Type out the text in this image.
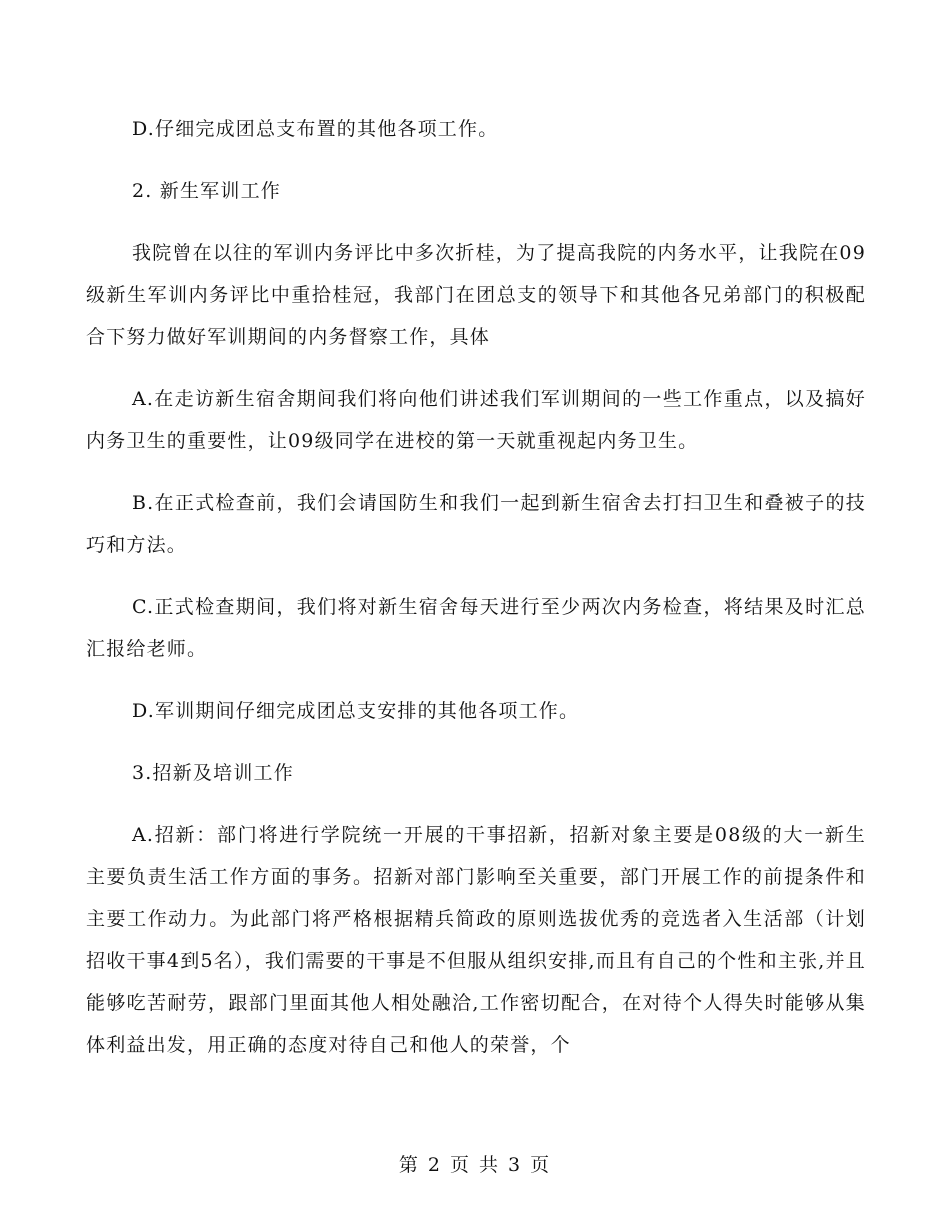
D.仔细完成团总支布置的其他各项工作。

2. 新生军训工作

我院曾在以往的军训内务评比中多次折桂，为了提高我院的内务水平，让我院在09级新生军训内务评比中重拾桂冠，我部门在团总支的领导下和其他各兄弟部门的积极配合下努力做好军训期间的内务督察工作，具体

A.在走访新生宿舍期间我们将向他们讲述我们军训期间的一些工作重点，以及搞好内务卫生的重要性，让09级同学在进校的第一天就重视起内务卫生。

B.在正式检查前，我们会请国防生和我们一起到新生宿舍去打扫卫生和叠被子的技巧和方法。

C.正式检查期间，我们将对新生宿舍每天进行至少两次内务检查，将结果及时汇总汇报给老师。

D.军训期间仔细完成团总支安排的其他各项工作。

3.招新及培训工作

A.招新：部门将进行学院统一开展的干事招新，招新对象主要是08级的大一新生主要负责生活工作方面的事务。招新对部门影响至关重要，部门开展工作的前提条件和主要工作动力。为此部门将严格根据精兵简政的原则选拔优秀的竞选者入生活部（计划招收干事4到5名），我们需要的干事是不但服从组织安排,而且有自己的个性和主张,并且能够吃苦耐劳，跟部门里面其他人相处融洽,工作密切配合，在对待个人得失时能够从集体利益出发，用正确的态度对待自己和他人的荣誉，个

第 2 页 共 3 页
